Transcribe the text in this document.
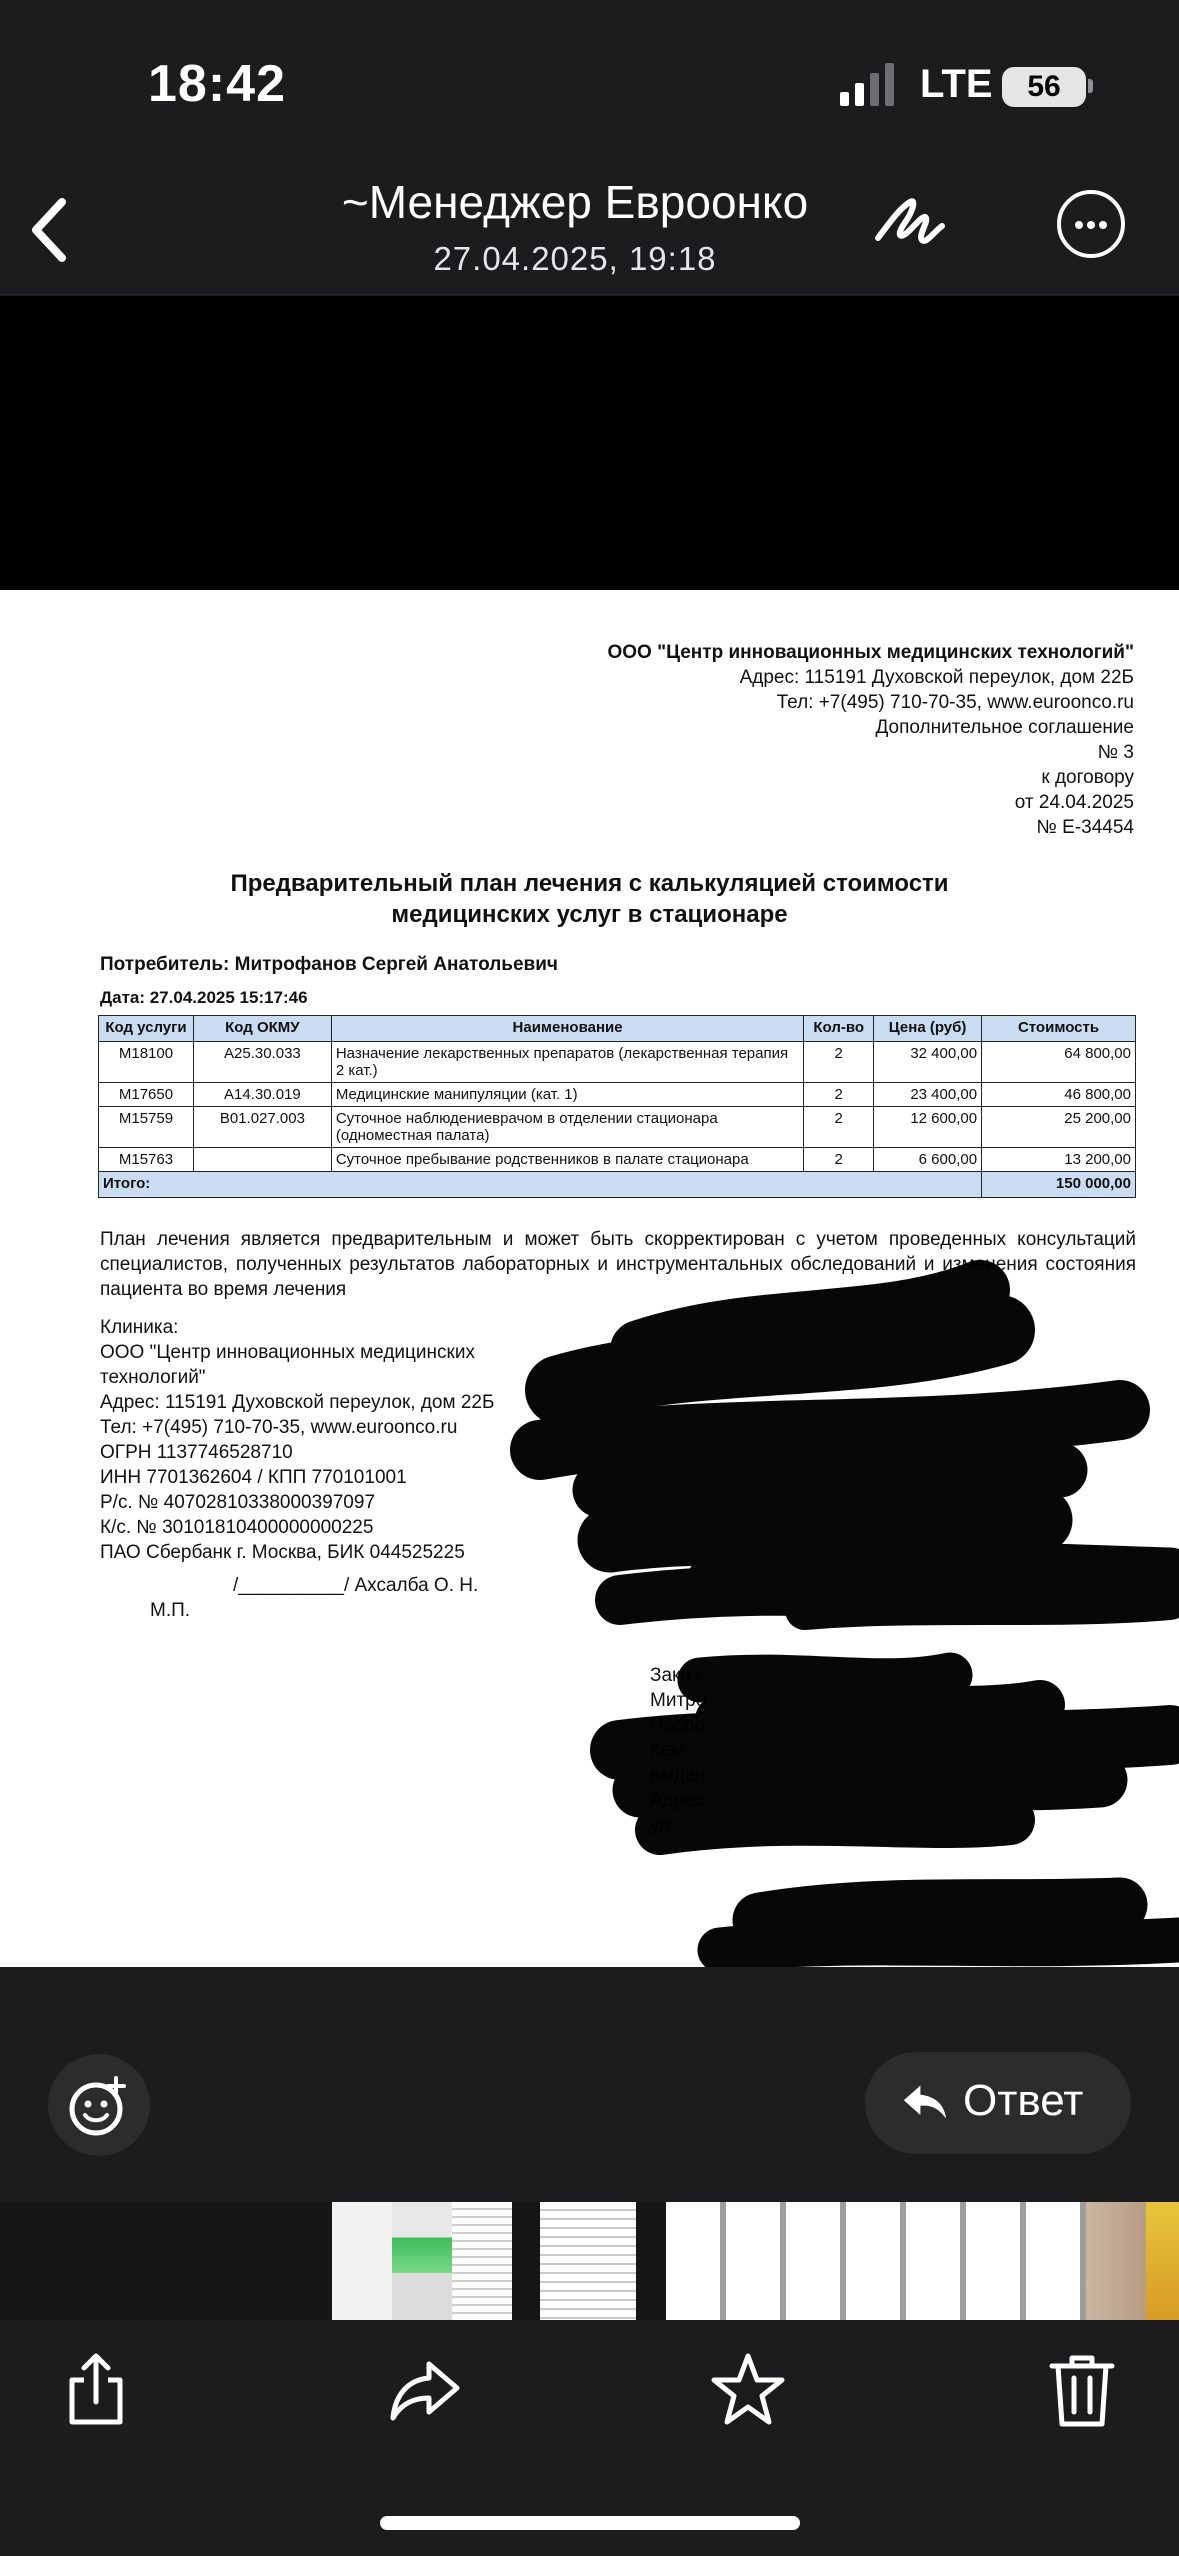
18:42	LTE	56
~Менеджер Евроонко
27.04.2025, 19:18
ООО "Центр инновационных медицинских технологий"
Адрес: 115191 Духовской переулок, дом 22Б
Тел: +7(495) 710-70-35, www.euroonco.ru
Дополнительное соглашение
№ 3
к договору
от 24.04.2025
№ Е-34454
Предварительный план лечения с калькуляцией стоимости
медицинских услуг в стационаре
Потребитель: Митрофанов Сергей Анатольевич
Дата: 27.04.2025 15:17:46
Код услуги	Код ОКМУ	Наименование	Кол-во	Цена (руб)	Стоимость
M18100	A25.30.033	Назначение лекарственных препаратов (лекарственная терапия 2 кат.)	2	32 400,00	64 800,00
M17650	A14.30.019	Медицинские манипуляции (кат. 1)	2	23 400,00	46 800,00
M15759	B01.027.003	Суточное наблюдениеврачом в отделении стационара (одноместная палата)	2	12 600,00	25 200,00
M15763		Суточное пребывание родственников в палате стационара	2	6 600,00	13 200,00
Итого:					150 000,00
План лечения является предварительным и может быть скорректирован с учетом проведенных консультаций специалистов, полученных результатов лабораторных и инструментальных обследований и изменения состояния пациента во время лечения
Клиника:
ООО "Центр инновационных медицинских
технологий"
Адрес: 115191 Духовской переулок, дом 22Б
Тел: +7(495) 710-70-35, www.euroonco.ru
ОГРН 1137746528710
ИНН 7701362604 / КПП 770101001
Р/с. № 40702810338000397097
К/с. № 30101810400000000225
ПАО Сбербанк г. Москва, БИК 044525225
/__________/ Ахсалба О. Н.
М.П.
Заказ
Митро
Паспо
Кем
выдан
Адрес
ул
Ответ
